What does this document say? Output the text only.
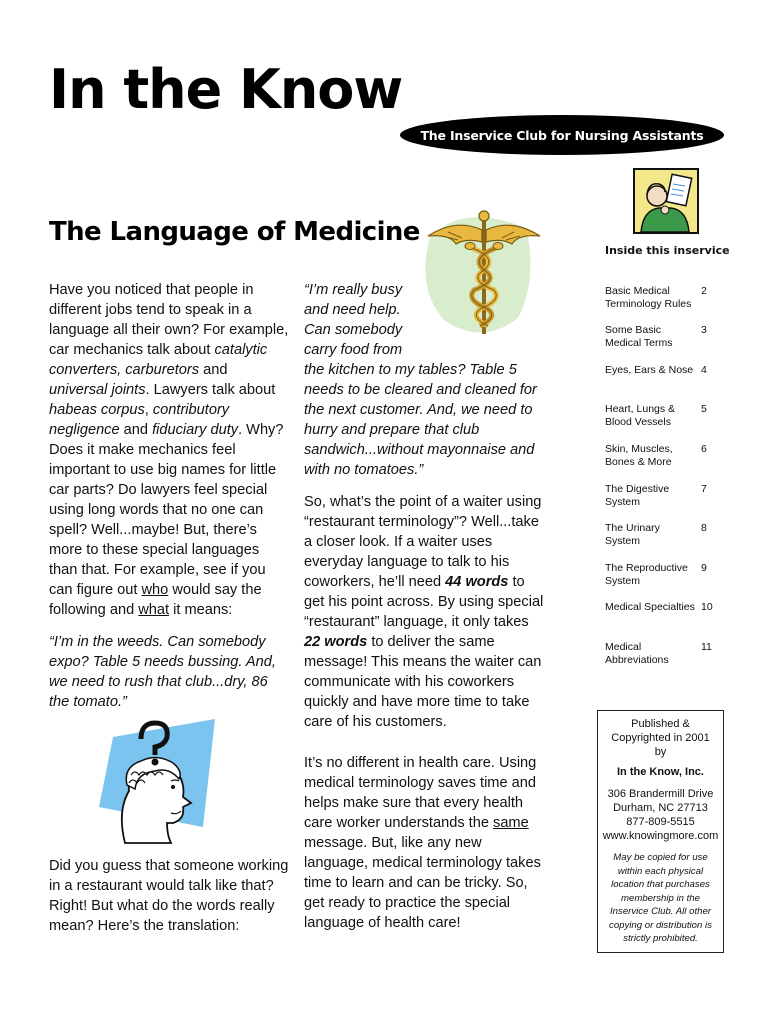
In the Know
The Inservice Club for Nursing Assistants
The Language of Medicine

Have you noticed that people in different jobs tend to speak in a language all their own? For example, car mechanics talk about catalytic converters, carburetors and universal joints. Lawyers talk about habeas corpus, contributory negligence and fiduciary duty. Why? Does it make mechanics feel important to use big names for little car parts? Do lawyers feel special using long words that no one can spell? Well...maybe! But, there’s more to these special languages than that. For example, see if you can figure out who would say the following and what it means:

“I’m in the weeds. Can somebody expo? Table 5 needs bussing. And, we need to rush that club...dry, 86 the tomato.”
Did you guess that someone working in a restaurant would talk like that? Right! But what do the words really mean? Here’s the translation:
“I’m really busy and need help. Can somebody carry food from
the kitchen to my tables? Table 5 needs to be cleared and cleaned for the next customer. And, we need to hurry and prepare that club sandwich...without mayonnaise and with no tomatoes.”

So, what’s the point of a waiter using “restaurant terminology”? Well...take a closer look. If a waiter uses everyday language to talk to his coworkers, he’ll need 44 words to get his point across. By using special “restaurant” language, it only takes 22 words to deliver the same message! This means the waiter can communicate with his coworkers quickly and have more time to take care of his customers.

It’s no different in health care. Using medical terminology saves time and helps make sure that every health care worker understands the same message. But, like any new language, medical terminology takes time to learn and can be tricky. So, get ready to practice the special language of health care!

Inside this inservice
Basic Medical Terminology Rules
2
Some Basic Medical Terms
3
Eyes, Ears & Nose 4
Heart, Lungs & Blood Vessels
5
Skin, Muscles, Bones & More
6
The Digestive System
7
The Urinary System
8
The Reproductive System
9
Medical Specialties 10
Medical Abbreviations
11
Published &
Copyrighted in 2001
by
In the Know, Inc.
306 Brandermill Drive
Durham, NC 27713
877-809-5515
www.knowingmore.com
May be copied for use within each physical location that purchases membership in the Inservice Club. All other copying or distribution is strictly prohibited.
